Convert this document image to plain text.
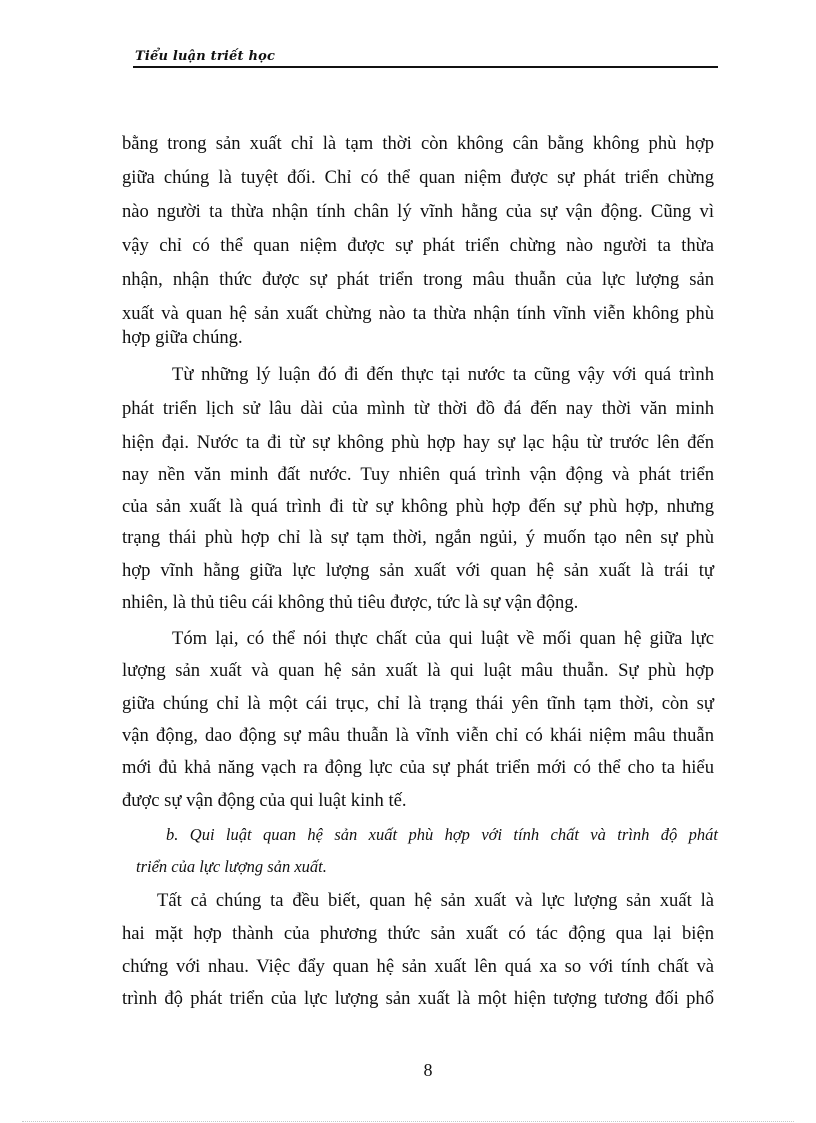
Tiểu luận triết học
bằng trong sản xuất chỉ là tạm thời còn không cân bằng không phù hợp
giữa chúng là tuyệt đối. Chỉ có thể quan niệm được sự phát triển chừng
nào người ta thừa nhận tính chân lý vĩnh hằng của sự vận động. Cũng vì
vậy chỉ có thể quan niệm được sự phát triển chừng nào người ta thừa
nhận, nhận thức được sự phát triển trong mâu thuẫn của lực lượng sản
xuất và quan hệ sản xuất chừng nào ta thừa nhận tính vĩnh viễn không phù
hợp giữa chúng.
Từ những lý luận đó đi đến thực tại nước ta cũng vậy với quá trình
phát triển lịch sử lâu dài của mình từ thời đồ đá đến nay thời văn minh
hiện đại. Nước ta đi từ sự không phù hợp hay sự lạc hậu từ trước lên đến
nay nền văn minh đất nước. Tuy nhiên quá trình vận động và phát triển
của sản xuất là quá trình đi từ sự không phù hợp đến sự phù hợp, nhưng
trạng thái phù hợp chỉ là sự tạm thời, ngắn ngủi, ý muốn tạo nên sự phù
hợp vĩnh hằng giữa lực lượng sản xuất với quan hệ sản xuất là trái tự
nhiên, là thủ tiêu cái không thủ tiêu được, tức là sự vận động.
Tóm lại, có thể nói thực chất của qui luật về mối quan hệ giữa lực
lượng sản xuất và quan hệ sản xuất là qui luật mâu thuẫn. Sự phù hợp
giữa chúng chỉ là một cái trục, chỉ là trạng thái yên tĩnh tạm thời, còn sự
vận động, dao động sự mâu thuẫn là vĩnh viễn chỉ có khái niệm mâu thuẫn
mới đủ khả năng vạch ra động lực của sự phát triển mới có thể cho ta hiểu
được sự vận động của qui luật kinh tế.
b. Qui luật quan hệ sản xuất phù hợp với tính chất và trình độ phát
triển của lực lượng sản xuất.
Tất cả chúng ta đều biết, quan hệ sản xuất và lực lượng sản xuất là
hai mặt hợp thành của phương thức sản xuất có tác động qua lại biện
chứng với nhau. Việc đẩy quan hệ sản xuất lên quá xa so với tính chất và
trình độ phát triển của lực lượng sản xuất là một hiện tượng tương đối phổ
8
